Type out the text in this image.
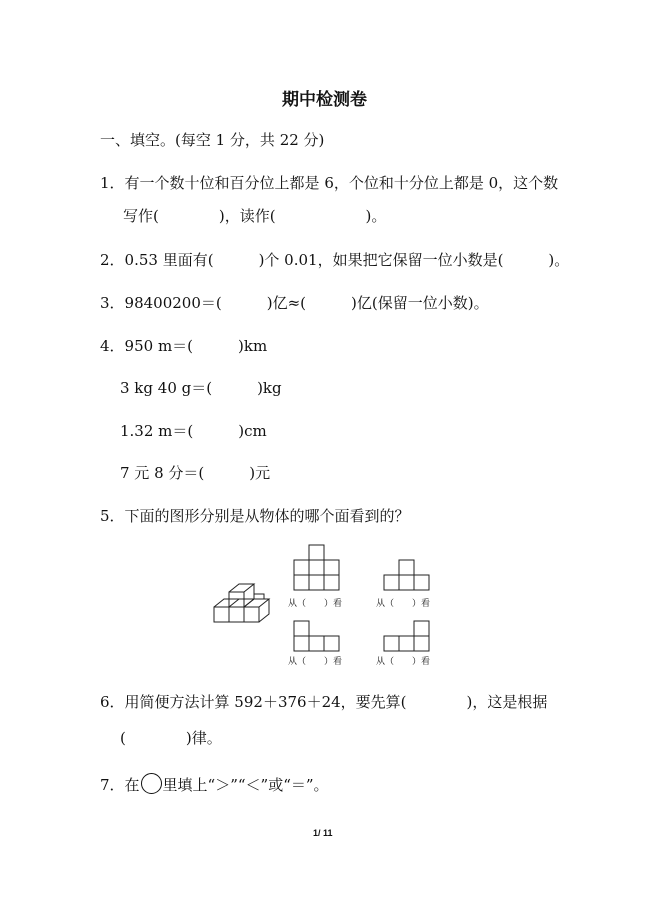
期中检测卷
一、填空。(每空 1 分，共 22 分)
1．有一个数十位和百分位上都是 6，个位和十分位上都是 0，这个数
写作(　　　　)，读作(　　　　　　)。
2．0.53 里面有(　　　)个 0.01，如果把它保留一位小数是(　　　)。
3．98400200＝(　　　)亿≈(　　　)亿(保留一位小数)。
4．950 m＝(　　　)km
3 kg 40 g＝(　　　)kg
1.32 m＝(　　　)cm
7 元 8 分＝(　　　)元
5．下面的图形分别是从物体的哪个面看到的？
从（　　）看	从（　　）看
从（　　）看	从（　　）看
6．用简便方法计算 592＋376＋24，要先算(　　　　)，这是根据
(　　　　)律。
7．在 里填上“＞”“＜”或“＝”。
1/ 11
